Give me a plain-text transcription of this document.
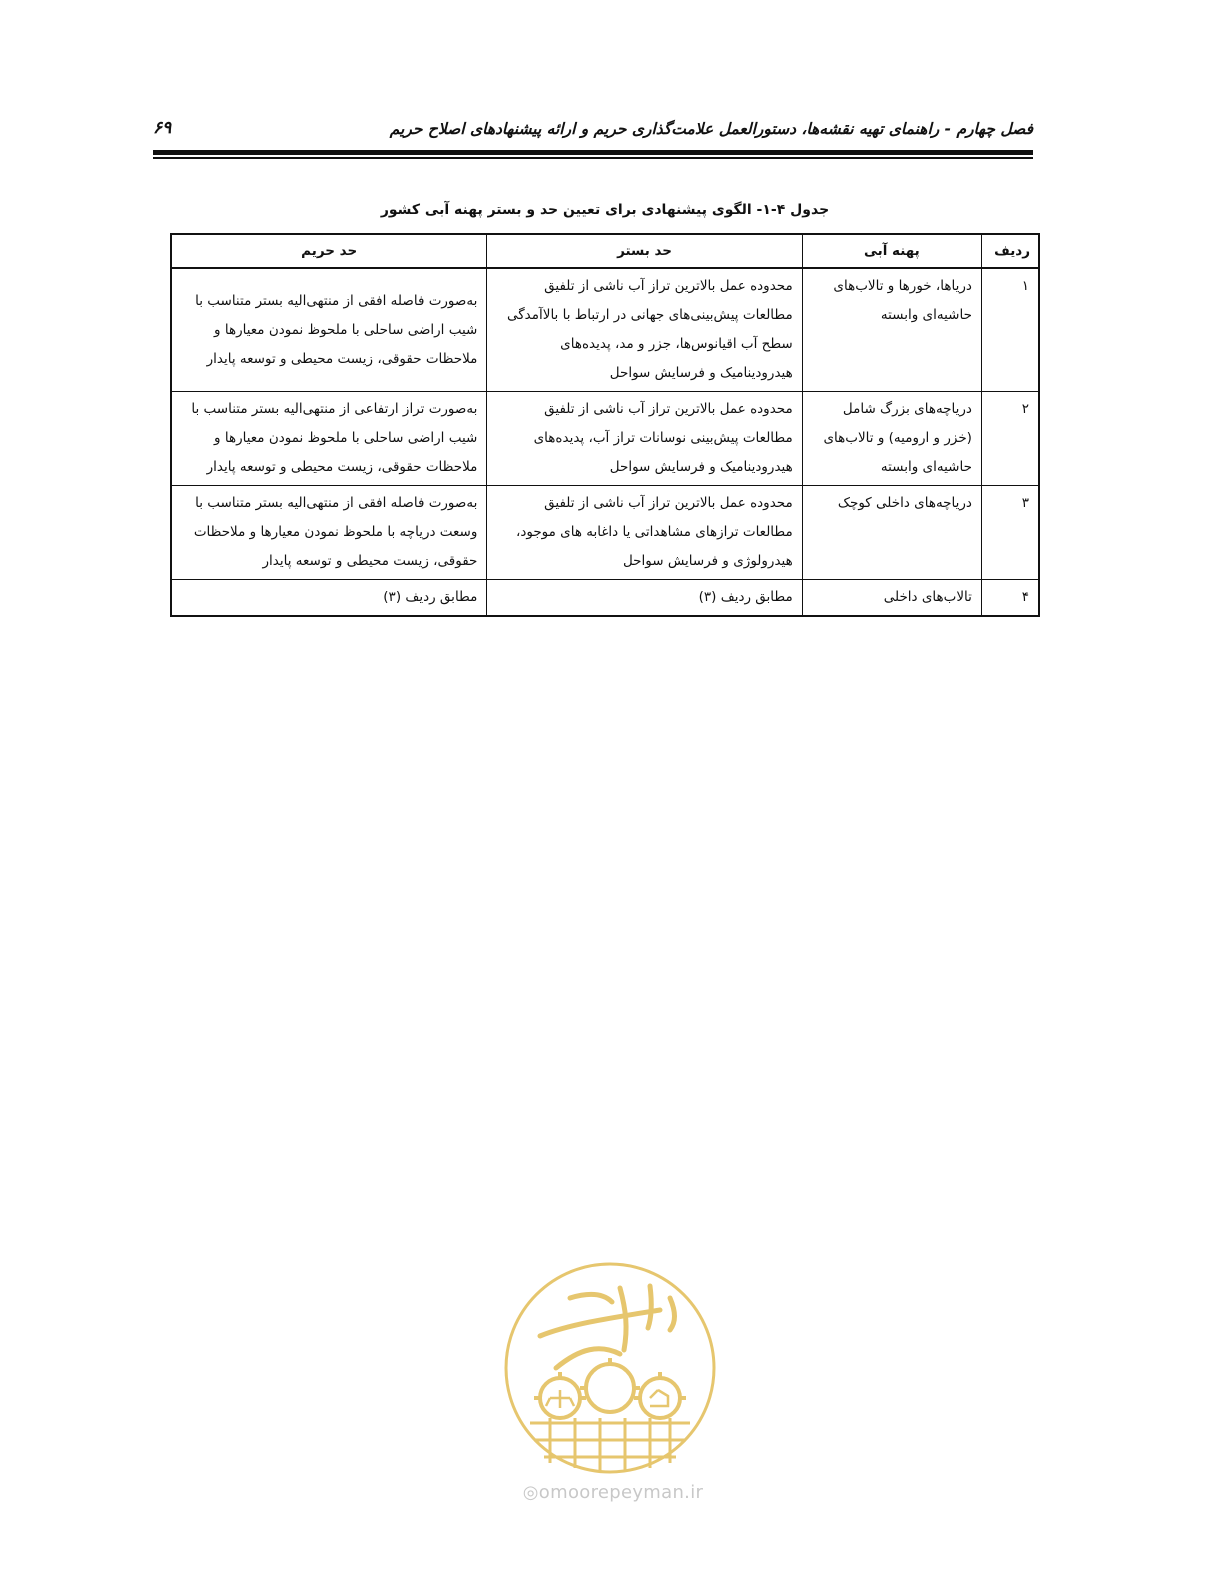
فصل چهارم - راهنمای تهیه نقشه‌ها، دستورالعمل علامت‌گذاری حریم و ارائه پیشنهادهای اصلاح حریم
۶۹
جدول ۴-۱- الگوی پیشنهادی برای تعیین حد و بستر پهنه آبی کشور
ردیف	پهنه آبی	حد بستر	حد حریم
۱	دریاها، خورها و تالاب‌های حاشیه‌ای وابسته	محدوده عمل بالاترین تراز آب ناشی از تلفیق مطالعات پیش‌بینی‌های جهانی در ارتباط با بالاآمدگی سطح آب اقیانوس‌ها، جزر و مد، پدیده‌های هیدرودینامیک و فرسایش سواحل	به‌صورت فاصله افقی از منتهی‌الیه بستر متناسب با شیب اراضی ساحلی با ملحوظ نمودن معیارها و ملاحظات حقوقی، زیست محیطی و توسعه پایدار
۲	دریاچه‌های بزرگ شامل (خزر و ارومیه) و تالاب‌های حاشیه‌ای وابسته	محدوده عمل بالاترین تراز آب ناشی از تلفیق مطالعات پیش‌بینی نوسانات تراز آب، پدیده‌های هیدرودینامیک و فرسایش سواحل	به‌صورت تراز ارتفاعی از منتهی‌الیه بستر متناسب با شیب اراضی ساحلی با ملحوظ نمودن معیارها و ملاحظات حقوقی، زیست محیطی و توسعه پایدار
۳	دریاچه‌های داخلی کوچک	محدوده عمل بالاترین تراز آب ناشی از تلفیق مطالعات ترازهای مشاهداتی یا داغابه های موجود، هیدرولوژی و فرسایش سواحل	به‌صورت فاصله افقی از منتهی‌الیه بستر متناسب با وسعت دریاچه با ملحوظ نمودن معیارها و ملاحظات حقوقی، زیست محیطی و توسعه پایدار
۴	تالاب‌های داخلی	مطابق ردیف (۳)	مطابق ردیف (۳)
◎omoorepeyman.ir
